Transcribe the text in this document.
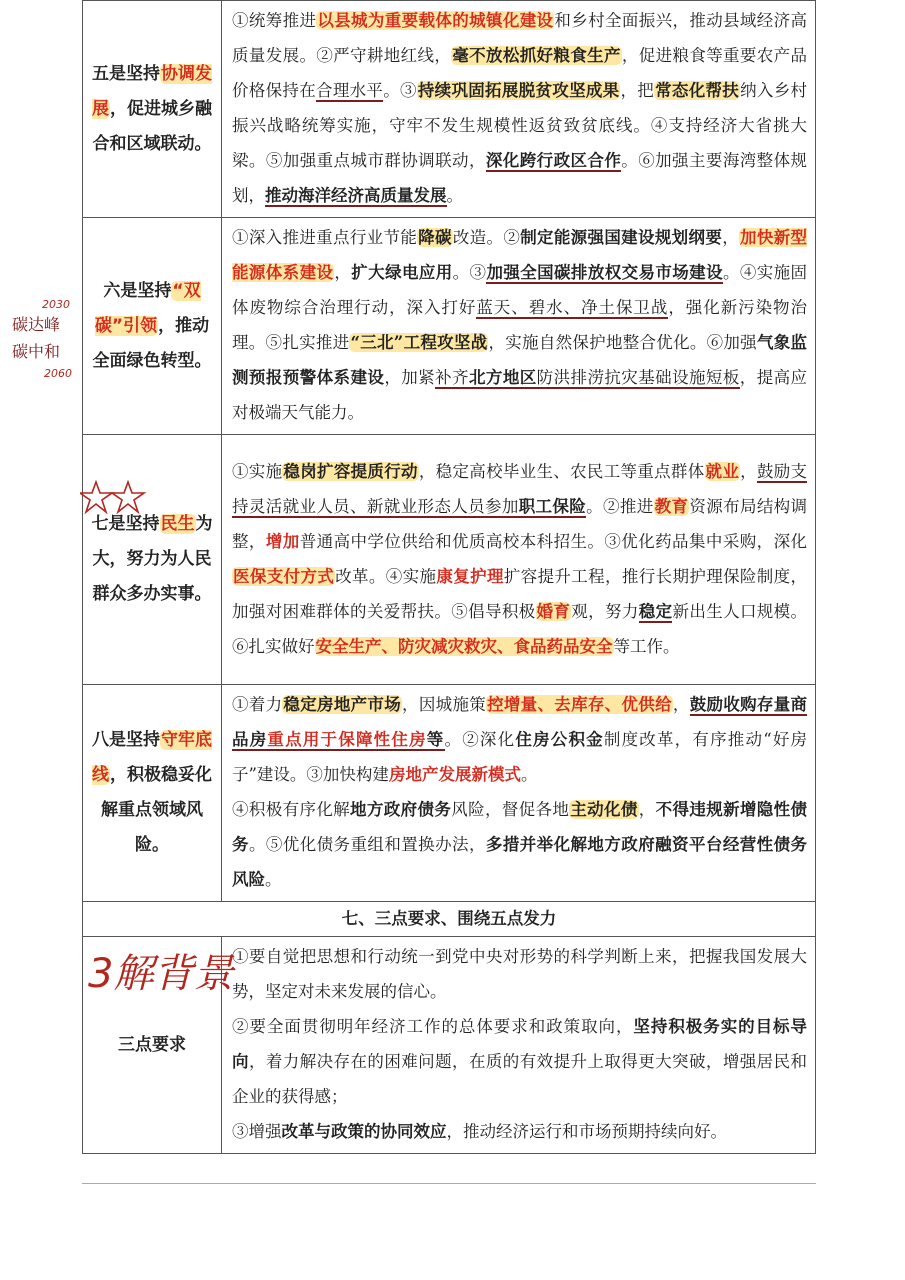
五是坚持协调发展，促进城乡融合和区域联动。	①统筹推进以县城为重要载体的城镇化建设和乡村全面振兴，推动县域经济高质量发展。②严守耕地红线，毫不放松抓好粮食生产，促进粮食等重要农产品价格保持在合理水平。③持续巩固拓展脱贫攻坚成果，把常态化帮扶纳入乡村振兴战略统筹实施，守牢不发生规模性返贫致贫底线。④支持经济大省挑大梁。⑤加强重点城市群协调联动，深化跨行政区合作。⑥加强主要海湾整体规划，推动海洋经济高质量发展。
六是坚持“双碳”引领，推动全面绿色转型。	①深入推进重点行业节能降碳改造。②制定能源强国建设规划纲要，加快新型能源体系建设，扩大绿电应用。③加强全国碳排放权交易市场建设。④实施固体废物综合治理行动，深入打好蓝天、碧水、净土保卫战，强化新污染物治理。⑤扎实推进“三北”工程攻坚战，实施自然保护地整合优化。⑥加强气象监测预报预警体系建设，加紧补齐北方地区防洪排涝抗灾基础设施短板，提高应对极端天气能力。
七是坚持民生为大，努力为人民群众多办实事。	①实施稳岗扩容提质行动，稳定高校毕业生、农民工等重点群体就业，鼓励支持灵活就业人员、新就业形态人员参加职工保险。②推进教育资源布局结构调整，增加普通高中学位供给和优质高校本科招生。③优化药品集中采购，深化医保支付方式改革。④实施康复护理扩容提升工程，推行长期护理保险制度，加强对困难群体的关爱帮扶。⑤倡导积极婚育观，努力稳定新出生人口规模。⑥扎实做好安全生产、防灾减灾救灾、食品药品安全等工作。
八是坚持守牢底线，积极稳妥化解重点领域风险。	①着力稳定房地产市场，因城施策控增量、去库存、优供给，鼓励收购存量商品房重点用于保障性住房等。②深化住房公积金制度改革，有序推动“好房子”建设。③加快构建房地产发展新模式。
④积极有序化解地方政府债务风险，督促各地主动化债，不得违规新增隐性债务。⑤优化债务重组和置换办法，多措并举化解地方政府融资平台经营性债务风险。
七、三点要求、围绕五点发力	
三点要求	①要自觉把思想和行动统一到党中央对形势的科学判断上来，把握我国发展大势，坚定对未来发展的信心。
②要全面贯彻明年经济工作的总体要求和政策取向，坚持积极务实的目标导向，着力解决存在的困难问题，在质的有效提升上取得更大突破，增强居民和企业的获得感；
③增强改革与政策的协同效应，推动经济运行和市场预期持续向好。
2030
碳达峰
碳中和
2060
3解背景
